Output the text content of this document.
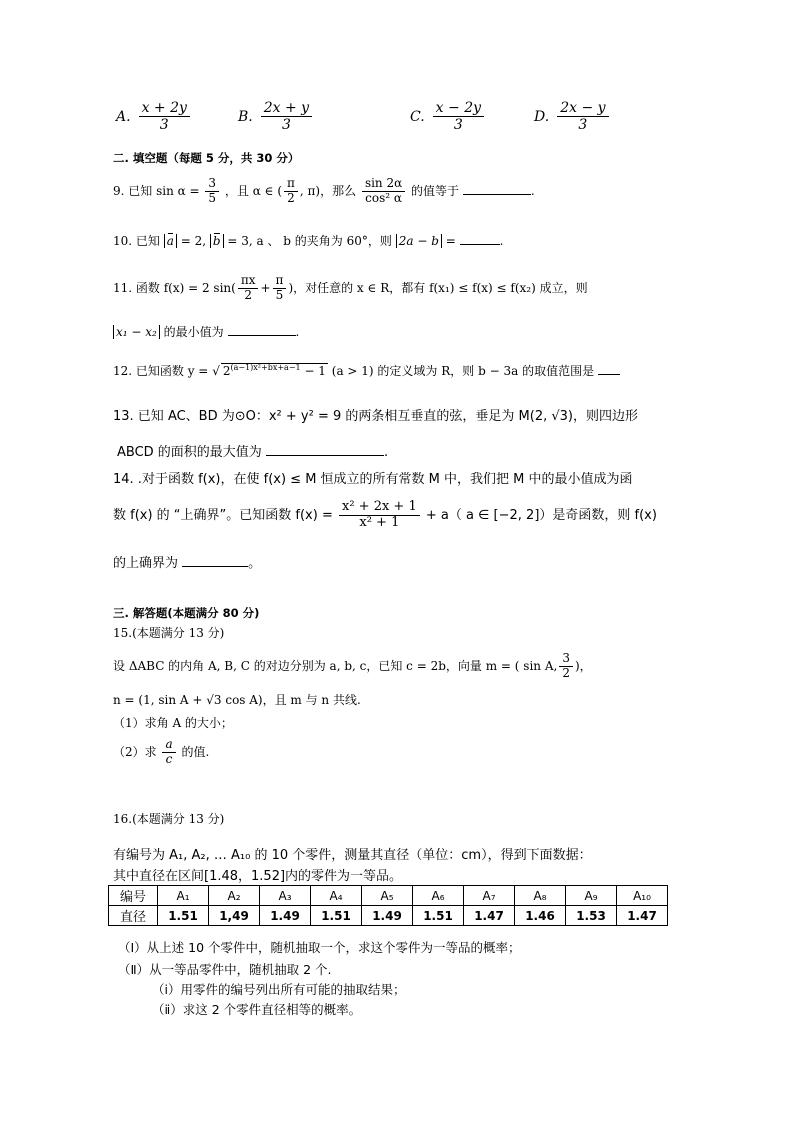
A. $\frac{x + 2y}{3}$	B. $\frac{2x + y}{3}$	C. $\frac{x - 2y}{3}$	D. $\frac{2x - y}{3}$
二. 填空题（每题 5 分，共 30 分）
9. 已知 $\sin \alpha = \frac{3}{5}$ ，且 α ∈ ( $\frac{\pi}{2}$ , π)，那么 $\frac{\sin 2\alpha}{\text{cos² α}}$ 的值等于	.
10. 已知 a = 2, b = 3, a 、 b 的夹角为 60°，则 2a − b =	.
11. 函数 f(x) = 2 $\sin( \frac{\pi x}{2} + \frac{\pi}{5}$ )，对任意的 x ∈ R，都有 f(x₁) ≤ f(x) ≤ f(x₂) 成立，则
x₁ − x₂ 的最小值为	.
12. 已知函数 y = √ $2^{(a-1)x^2+bx+a-1} - 1$ (a > 1) 的定义域为 R，则 b − 3a 的取值范围是
13. 已知 AC、BD 为⊙O：x² + y² = 9 的两条相互垂直的弦，垂足为 M(2, √3)，则四边形
ABCD 的面积的最大值为	.
14. .对于函数 f(x)，在使 f(x) ≤ M 恒成立的所有常数 M 中，我们把 M 中的最小值成为函
数 f(x) 的 “上确界”。已知函数 $f(x) = \frac{\text{x² + 2x + 1}}{\text{x² + 1}} + a$（ a ∈ [−2, 2]）是奇函数，则 f(x)
的上确界为	。
三. 解答题(本题满分 80 分)
15.(本题满分 13 分)
设 ΔABC 的内角 A, B, C 的对边分别为 a, b, c，已知 c = 2b，向量 m = ( sin A, $\frac{3}{2}$ )，
n = (1, sin A + √3 cos A)，且 m 与 n 共线.
（1）求角 A 的大小；
（2）求 $\frac{a}{c}$ 的值.
16.(本题满分 13 分)
有编号为 A₁, A₂, … A₁₀ 的 10 个零件，测量其直径（单位：cm），得到下面数据：
其中直径在区间[1.48，1.52]内的零件为一等品。
编号	A₁	A₂	A₃	A₄	A₅	A₆	A₇	A₈	A₉	A₁₀
直径	1.51	1,49	1.49	1.51	1.49	1.51	1.47	1.46	1.53	1.47
（Ⅰ）从上述 10 个零件中，随机抽取一个，求这个零件为一等品的概率；
（Ⅱ）从一等品零件中，随机抽取 2 个.
（ⅰ）用零件的编号列出所有可能的抽取结果；
（ⅱ）求这 2 个零件直径相等的概率。
